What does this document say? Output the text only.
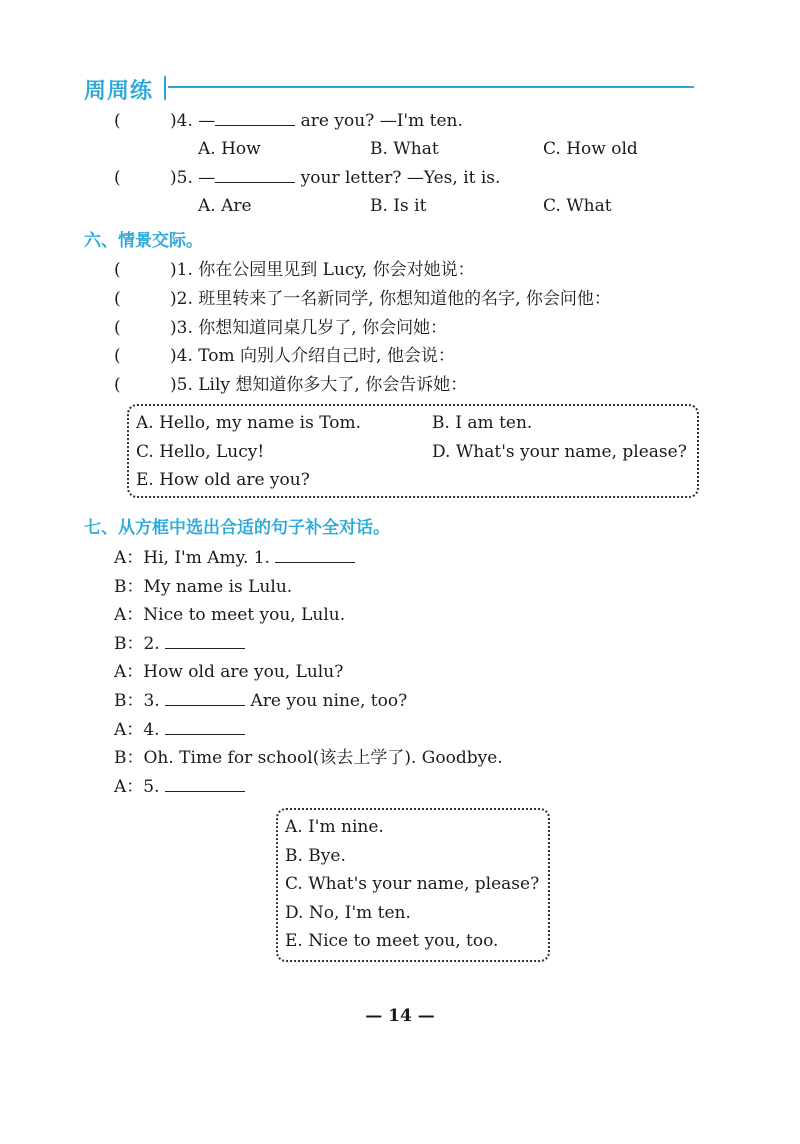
周周练
(	)4. —	are you? —I'm ten.
A. How	B. What	C. How old
(	)5. —	your letter? —Yes, it is.
A. Are	B. Is it	C. What
六、情景交际。
(	)1. 你在公园里见到 Lucy, 你会对她说：
(	)2. 班里转来了一名新同学, 你想知道他的名字, 你会问他：
(	)3. 你想知道同桌几岁了, 你会问她：
(	)4. Tom 向别人介绍自己时, 他会说：
(	)5. Lily 想知道你多大了, 你会告诉她：
A. Hello, my name is Tom.	B. I am ten.
C. Hello, Lucy!	D. What's your name, please?
E. How old are you?
七、从方框中选出合适的句子补全对话。
A：Hi, I'm Amy. 1.
B：My name is Lulu.
A：Nice to meet you, Lulu.
B：2.
A：How old are you, Lulu?
B：3.	Are you nine, too?
A：4.
B：Oh. Time for school(该去上学了). Goodbye.
A：5.
A. I'm nine.
B. Bye.
C. What's your name, please?
D. No, I'm ten.
E. Nice to meet you, too.
— 14 —
